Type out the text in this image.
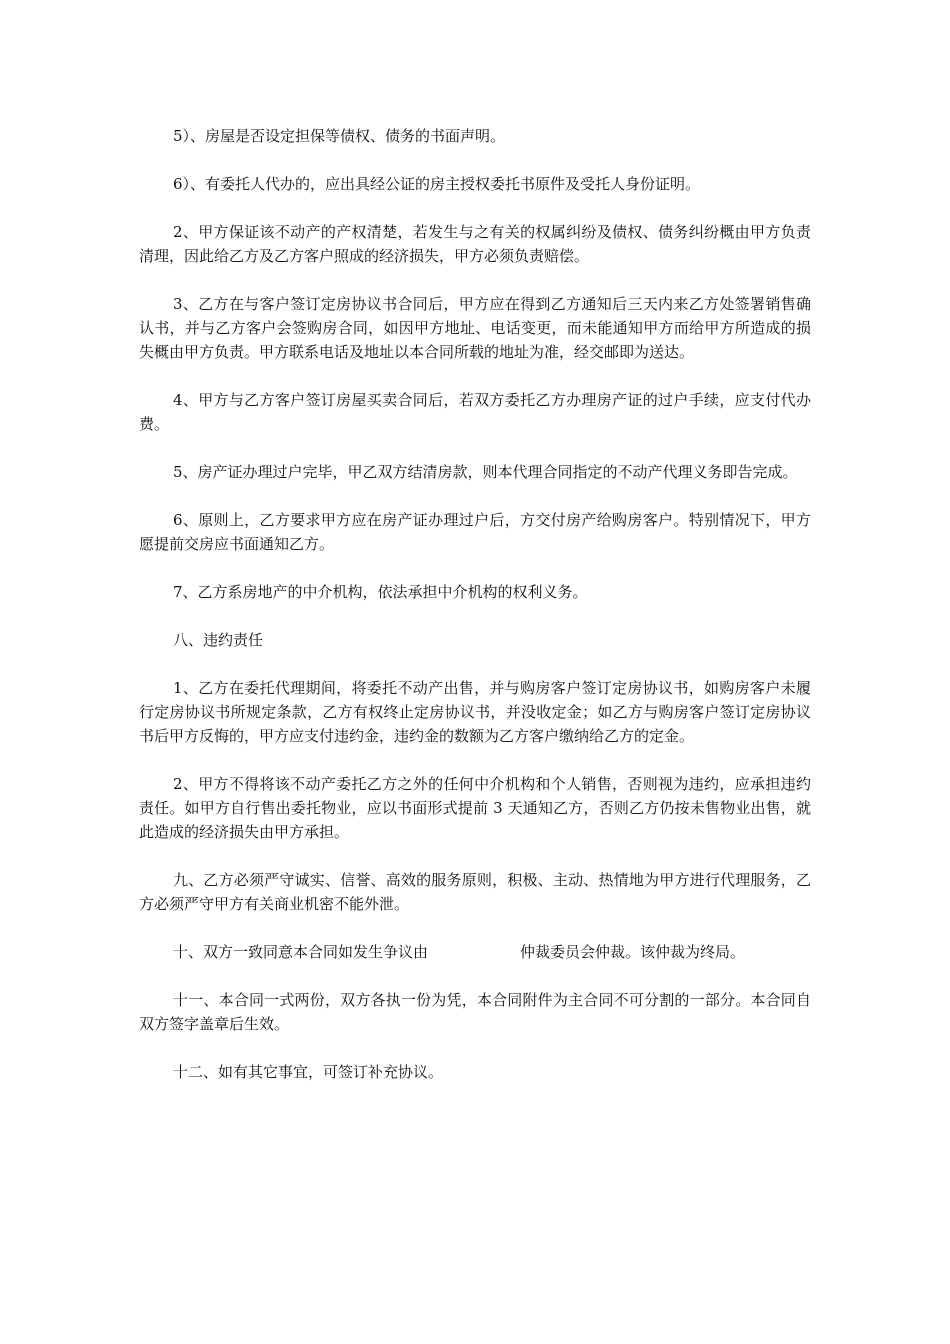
5）、房屋是否设定担保等债权、债务的书面声明。

6）、有委托人代办的，应出具经公证的房主授权委托书原件及受托人身份证明。

2、甲方保证该不动产的产权清楚，若发生与之有关的权属纠纷及债权、债务纠纷概由甲方负责清理，因此给乙方及乙方客户照成的经济损失，甲方必须负责赔偿。

3、乙方在与客户签订定房协议书合同后，甲方应在得到乙方通知后三天内来乙方处签署销售确认书，并与乙方客户会签购房合同，如因甲方地址、电话变更，而未能通知甲方而给甲方所造成的损失概由甲方负责。甲方联系电话及地址以本合同所载的地址为准，经交邮即为送达。

4、甲方与乙方客户签订房屋买卖合同后，若双方委托乙方办理房产证的过户手续，应支付代办费。

5、房产证办理过户完毕，甲乙双方结清房款，则本代理合同指定的不动产代理义务即告完成。

6、原则上，乙方要求甲方应在房产证办理过户后，方交付房产给购房客户。特别情况下，甲方愿提前交房应书面通知乙方。

7、乙方系房地产的中介机构，依法承担中介机构的权利义务。

八、违约责任

1、乙方在委托代理期间，将委托不动产出售，并与购房客户签订定房协议书，如购房客户未履行定房协议书所规定条款，乙方有权终止定房协议书，并没收定金；如乙方与购房客户签订定房协议书后甲方反悔的，甲方应支付违约金，违约金的数额为乙方客户缴纳给乙方的定金。

2、甲方不得将该不动产委托乙方之外的任何中介机构和个人销售，否则视为违约，应承担违约责任。如甲方自行售出委托物业，应以书面形式提前 3 天通知乙方，否则乙方仍按未售物业出售，就此造成的经济损失由甲方承担。

九、乙方必须严守诚实、信誉、高效的服务原则，积极、主动、热情地为甲方进行代理服务，乙方必须严守甲方有关商业机密不能外泄。

十、双方一致同意本合同如发生争议由	仲裁委员会仲裁。该仲裁为终局。

十一、本合同一式两份，双方各执一份为凭，本合同附件为主合同不可分割的一部分。本合同自双方签字盖章后生效。

十二、如有其它事宜，可签订补充协议。
